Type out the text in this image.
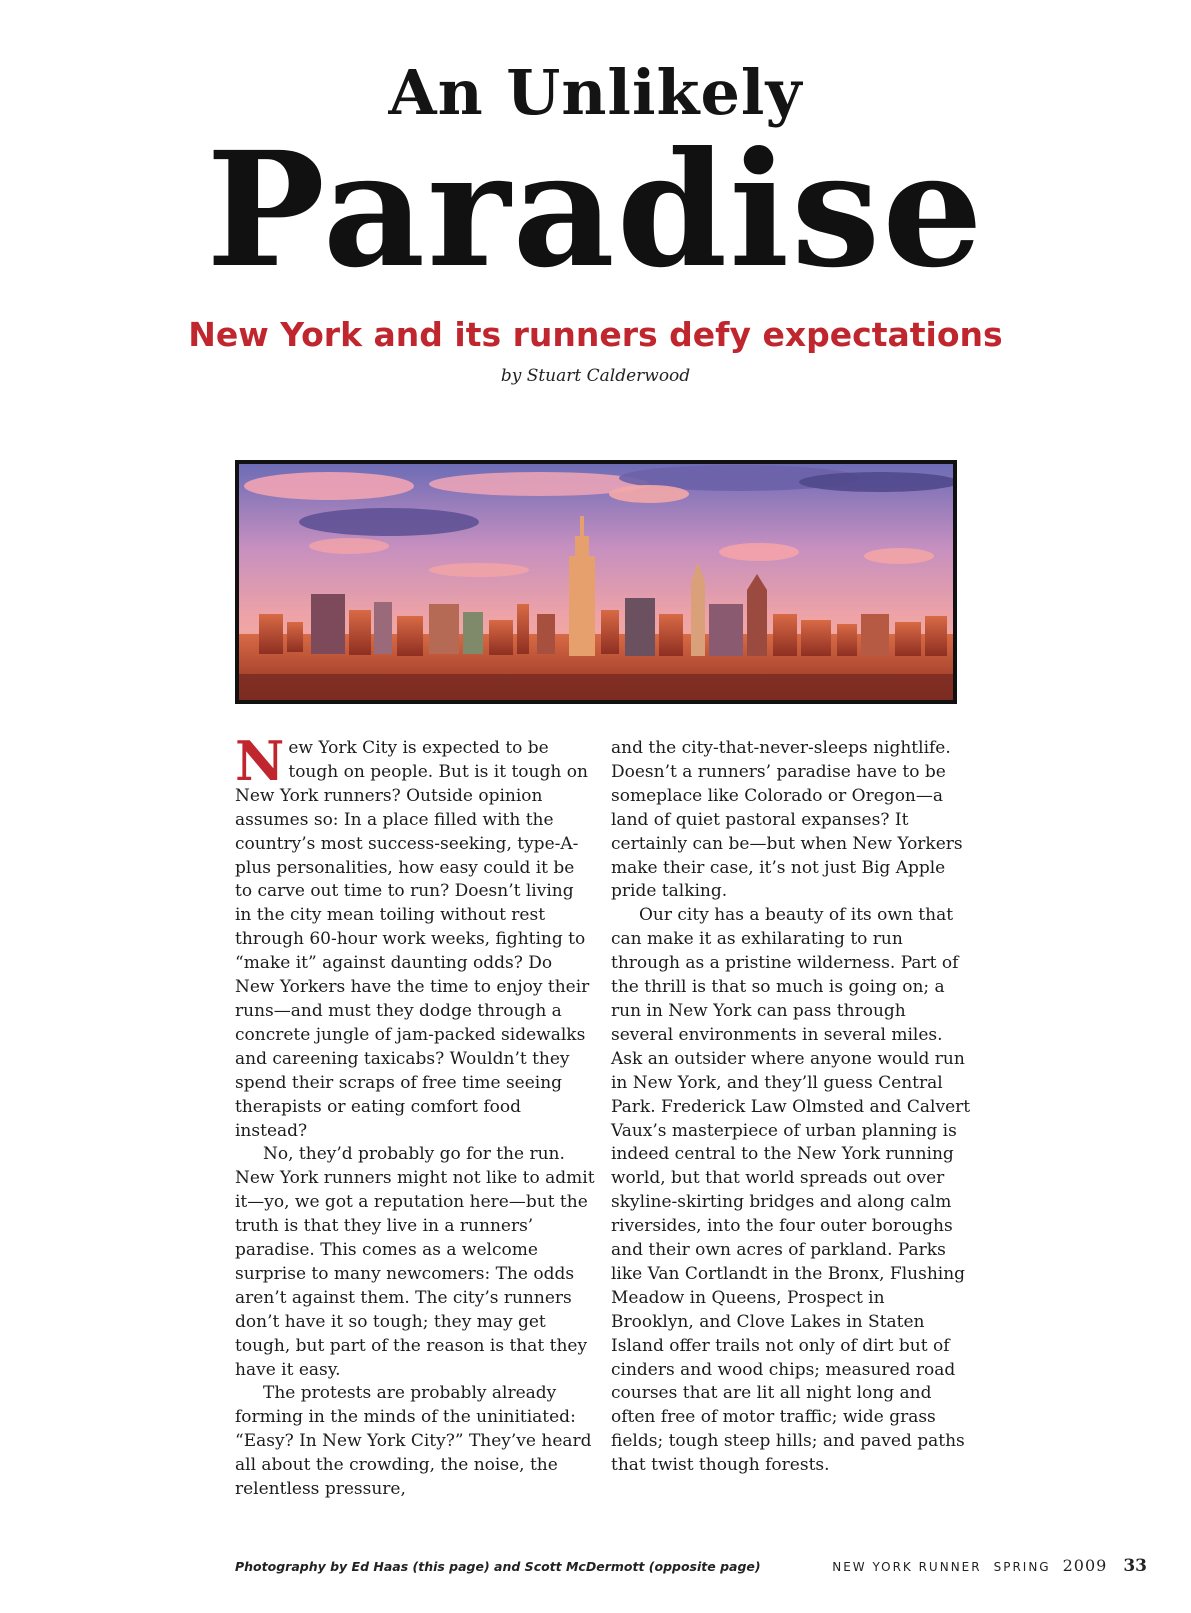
An Unlikely
Paradise
New York and its runners defy expectations
by Stuart Calderwood

New York City is expected to be tough on people. But is it tough on New York runners? Outside opinion assumes so: In a place filled with the country’s most success-seeking, type-A-plus personalities, how easy could it be to carve out time to run? Doesn’t living in the city mean toiling without rest through 60-hour work weeks, fighting to “make it” against daunting odds? Do New Yorkers have the time to enjoy their runs—and must they dodge through a concrete jungle of jam-packed sidewalks and careening taxicabs? Wouldn’t they spend their scraps of free time seeing therapists or eating comfort food instead?

No, they’d probably go for the run. New York runners might not like to admit it—yo, we got a reputation here—but the truth is that they live in a runners’ paradise. This comes as a welcome surprise to many newcomers: The odds aren’t against them. The city’s runners don’t have it so tough; they may get tough, but part of the reason is that they have it easy.

The protests are probably already forming in the minds of the uninitiated: “Easy? In New York City?” They’ve heard all about the crowding, the noise, the relentless pressure,

and the city-that-never-sleeps nightlife. Doesn’t a runners’ paradise have to be someplace like Colorado or Oregon—a land of quiet pastoral expanses? It certainly can be—but when New Yorkers make their case, it’s not just Big Apple pride talking.

Our city has a beauty of its own that can make it as exhilarating to run through as a pristine wilderness. Part of the thrill is that so much is going on; a run in New York can pass through several environments in several miles. Ask an outsider where anyone would run in New York, and they’ll guess Central Park. Frederick Law Olmsted and Calvert Vaux’s masterpiece of urban planning is indeed central to the New York running world, but that world spreads out over skyline-skirting bridges and along calm riversides, into the four outer boroughs and their own acres of parkland. Parks like Van Cortlandt in the Bronx, Flushing Meadow in Queens, Prospect in Brooklyn, and Clove Lakes in Staten Island offer trails not only of dirt but of cinders and wood chips; measured road courses that are lit all night long and often free of motor traffic; wide grass fields; tough steep hills; and paved paths that twist though forests.

Photography by Ed Haas (this page) and Scott McDermott (opposite page)	NEW YORK RUNNER SPRING 2009 33
